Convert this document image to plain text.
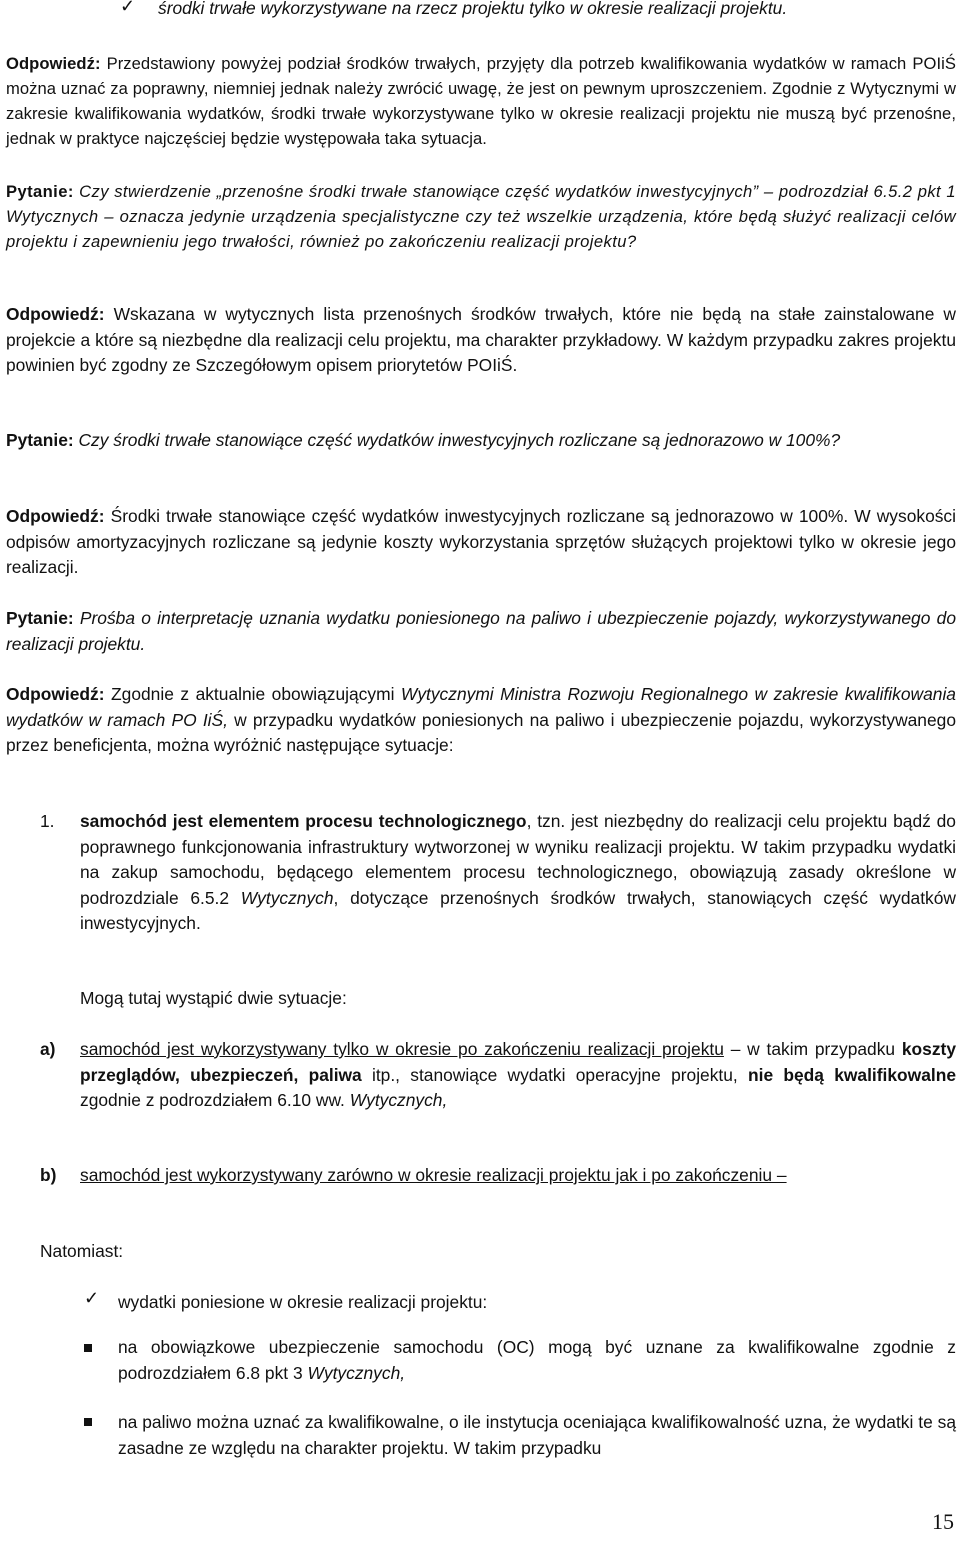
✓ środki trwałe wykorzystywane na rzecz projektu tylko w okresie realizacji projektu.

Odpowiedź: Przedstawiony powyżej podział środków trwałych, przyjęty dla potrzeb kwalifikowania wydatków w ramach POIiŚ można uznać za poprawny, niemniej jednak należy zwrócić uwagę, że jest on pewnym uproszczeniem. Zgodnie z Wytycznymi w zakresie kwalifikowania wydatków, środki trwałe wykorzystywane tylko w okresie realizacji projektu nie muszą być przenośne, jednak w praktyce najczęściej będzie występowała taka sytuacja.
Pytanie: Czy stwierdzenie „przenośne środki trwałe stanowiące część wydatków inwestycyjnych” – podrozdział 6.5.2 pkt 1 Wytycznych – oznacza jedynie urządzenia specjalistyczne czy też wszelkie urządzenia, które będą służyć realizacji celów projektu i zapewnieniu jego trwałości, również po zakończeniu realizacji projektu?
Odpowiedź: Wskazana w wytycznych lista przenośnych środków trwałych, które nie będą na stałe zainstalowane w projekcie a które są niezbędne dla realizacji celu projektu, ma charakter przykładowy. W każdym przypadku zakres projektu powinien być zgodny ze Szczegółowym opisem priorytetów POIiŚ.
Pytanie: Czy środki trwałe stanowiące część wydatków inwestycyjnych rozliczane są jednorazowo w 100%?
Odpowiedź: Środki trwałe stanowiące część wydatków inwestycyjnych rozliczane są jednorazowo w 100%. W wysokości odpisów amortyzacyjnych rozliczane są jedynie koszty wykorzystania sprzętów służących projektowi tylko w okresie jego realizacji.
Pytanie: Prośba o interpretację uznania wydatku poniesionego na paliwo i ubezpieczenie pojazdy, wykorzystywanego do realizacji projektu.
Odpowiedź: Zgodnie z aktualnie obowiązującymi Wytycznymi Ministra Rozwoju Regionalnego w zakresie kwalifikowania wydatków w ramach PO IiŚ, w przypadku wydatków poniesionych na paliwo i ubezpieczenie pojazdu, wykorzystywanego przez beneficjenta, można wyróżnić następujące sytuacje:
1. samochód jest elementem procesu technologicznego, tzn. jest niezbędny do realizacji celu projektu bądź do poprawnego funkcjonowania infrastruktury wytworzonej w wyniku realizacji projektu. W takim przypadku wydatki na zakup samochodu, będącego elementem procesu technologicznego, obowiązują zasady określone w podrozdziale 6.5.2 Wytycznych, dotyczące przenośnych środków trwałych, stanowiących część wydatków inwestycyjnych.

Mogą tutaj wystąpić dwie sytuacje:

a) samochód jest wykorzystywany tylko w okresie po zakończeniu realizacji projektu – w takim przypadku koszty przeglądów, ubezpieczeń, paliwa itp., stanowiące wydatki operacyjne projektu, nie będą kwalifikowalne zgodnie z podrozdziałem 6.10 ww. Wytycznych,
b) samochód jest wykorzystywany zarówno w okresie realizacji projektu jak i po zakończeniu –

Natomiast:

✓ wydatki poniesione w okresie realizacji projektu:

na obowiązkowe ubezpieczenie samochodu (OC) mogą być uznane za kwalifikowalne zgodnie z podrozdziałem 6.8 pkt 3 Wytycznych,

na paliwo można uznać za kwalifikowalne, o ile instytucja oceniająca kwalifikowalność uzna, że wydatki te są zasadne ze względu na charakter projektu. W takim przypadku

15
